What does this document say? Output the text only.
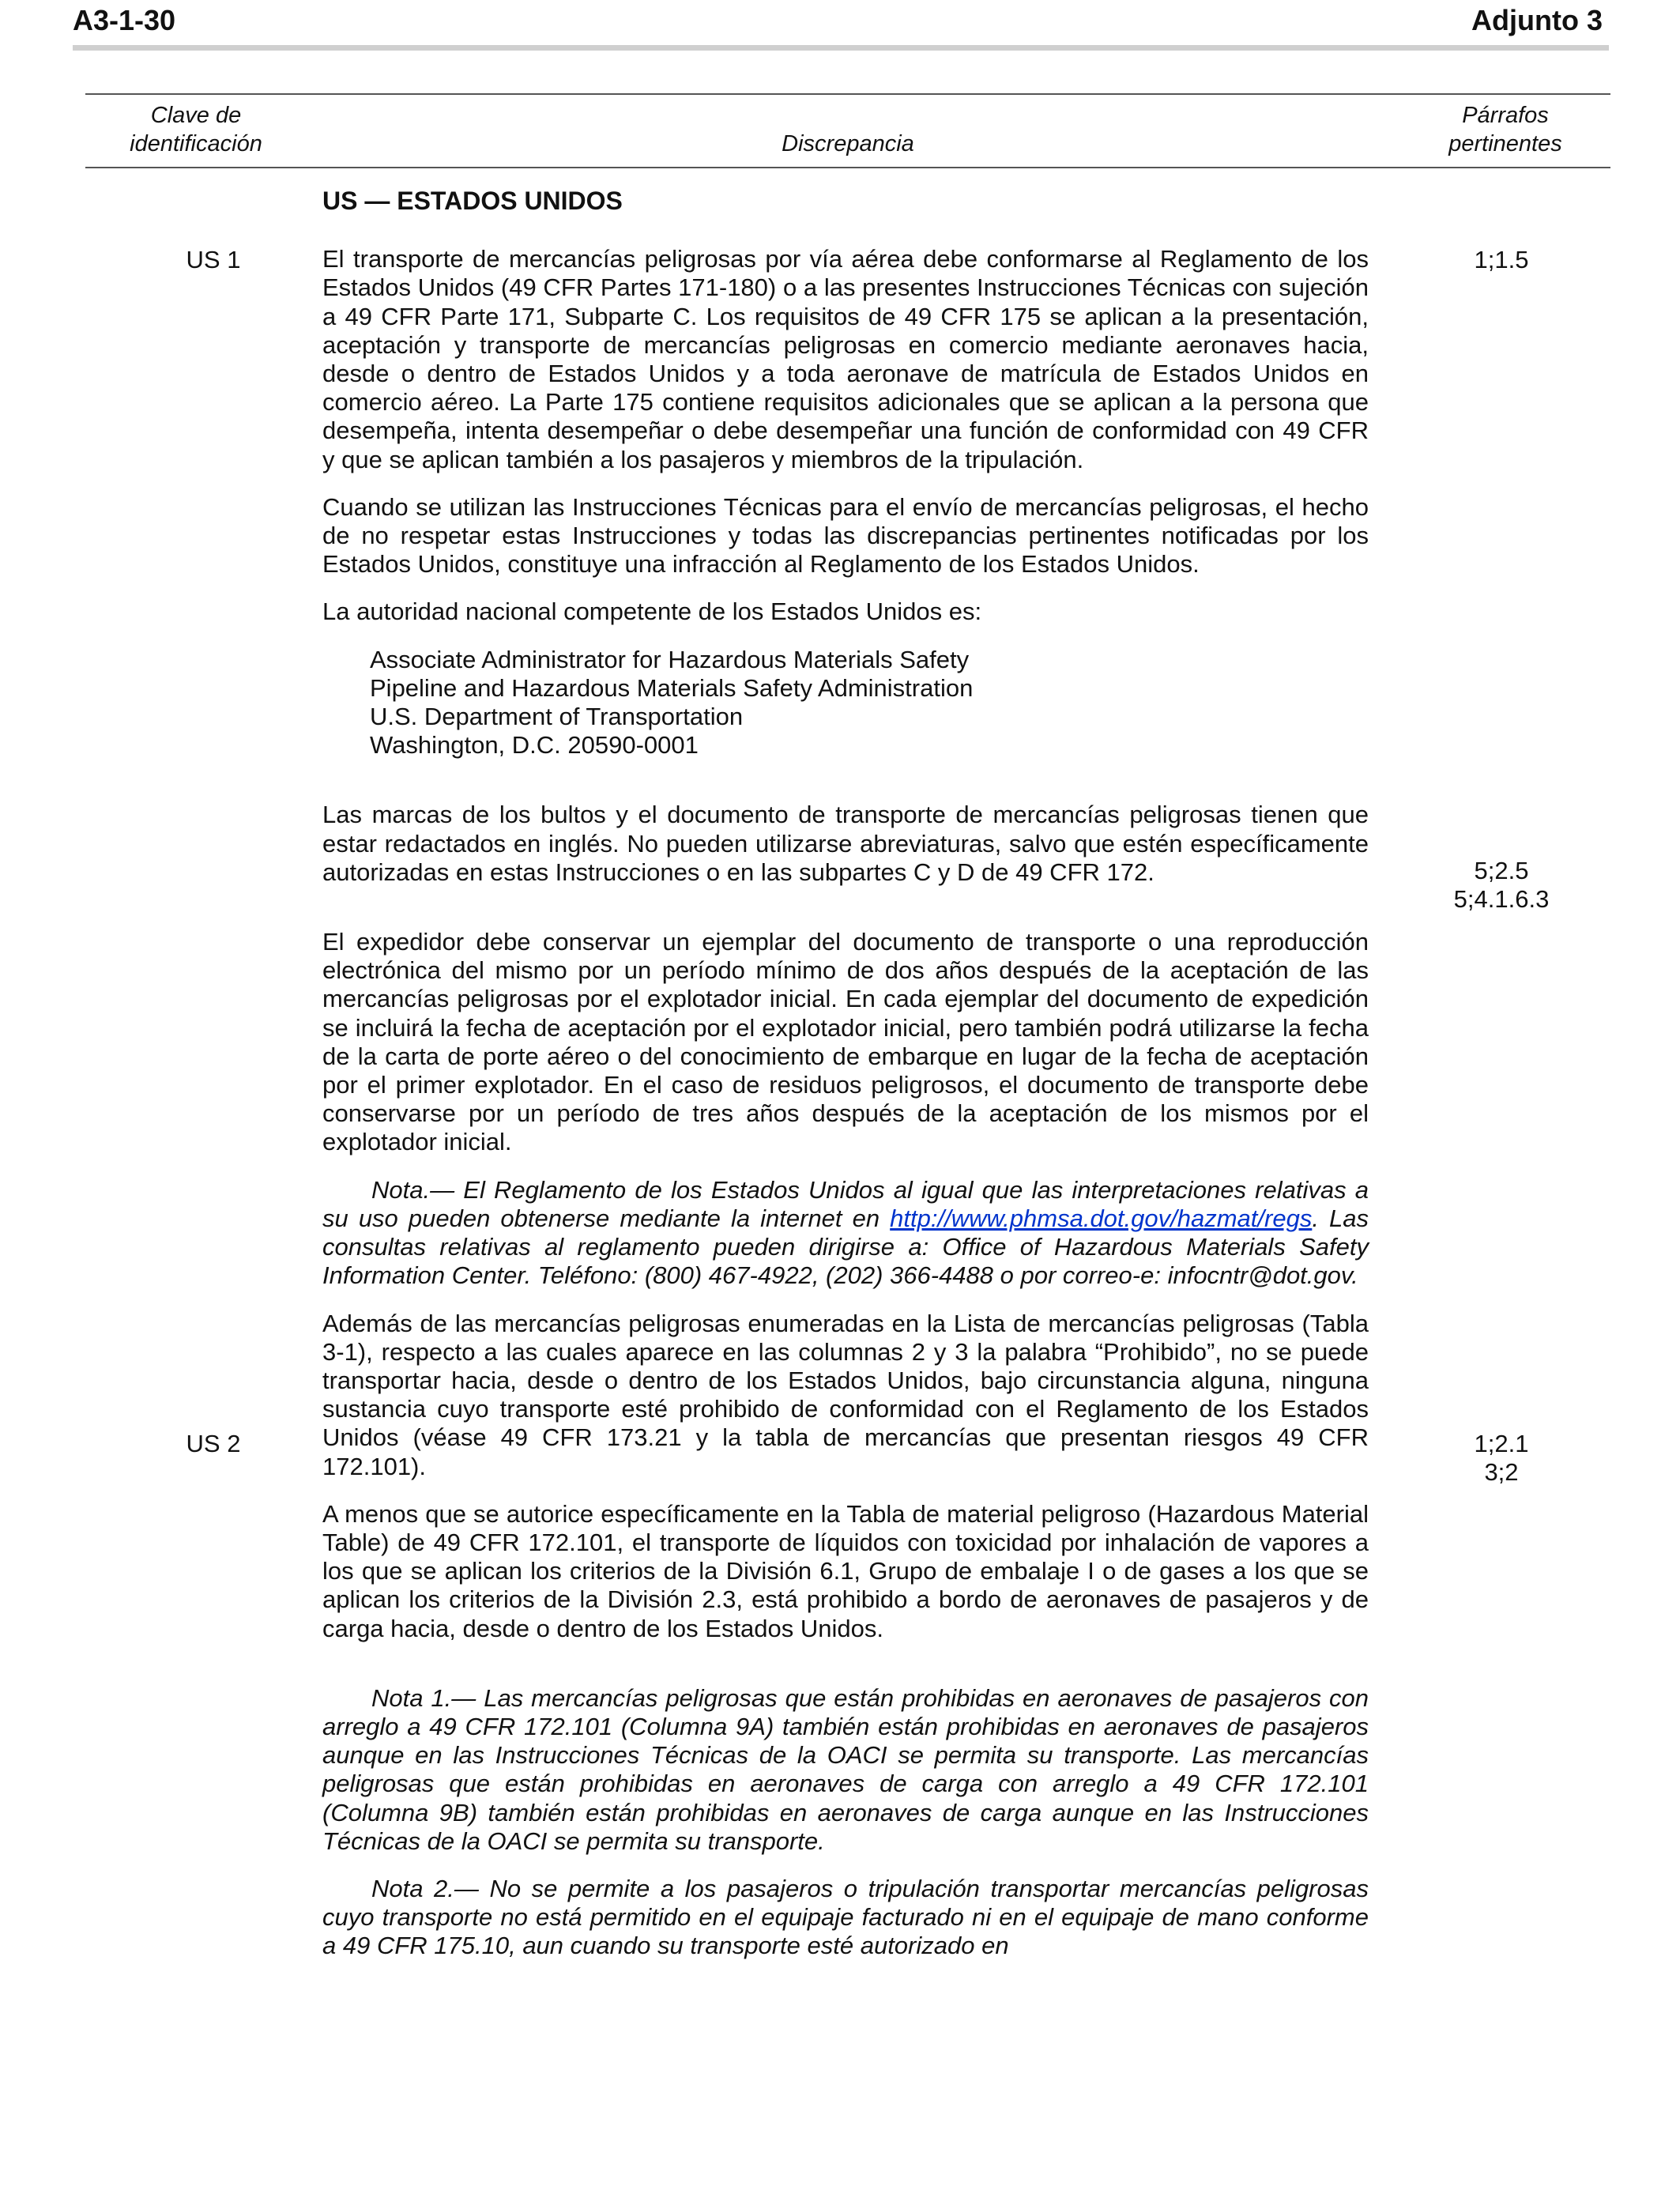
A3-1-30	Adjunto 3
Clave de
identificación	Discrepancia
Párrafos
pertinentes
US 1
US 2
1;1.5
5;2.5
5;4.1.6.3
1;2.1
3;2
US — ESTADOS UNIDOS

El transporte de mercancías peligrosas por vía aérea debe conformarse al Reglamento de los Estados Unidos (49 CFR Partes 171-180) o a las presentes Instrucciones Técnicas con sujeción a 49 CFR Parte 171, Subparte C. Los requisitos de 49 CFR 175 se aplican a la presentación, aceptación y transporte de mercancías peligrosas en comercio mediante aeronaves hacia, desde o dentro de Estados Unidos y a toda aeronave de matrícula de Estados Unidos en comercio aéreo. La Parte 175 contiene requisitos adicionales que se aplican a la persona que desempeña, intenta desempeñar o debe desempeñar una función de conformidad con 49 CFR y que se aplican también a los pasajeros y miembros de la tripulación.

Cuando se utilizan las Instrucciones Técnicas para el envío de mercancías peligrosas, el hecho de no respetar estas Instrucciones y todas las discrepancias pertinentes notificadas por los Estados Unidos, constituye una infracción al Reglamento de los Estados Unidos.

La autoridad nacional competente de los Estados Unidos es:

Associate Administrator for Hazardous Materials Safety
Pipeline and Hazardous Materials Safety Administration
U.S. Department of Transportation
Washington, D.C. 20590-0001

Las marcas de los bultos y el documento de transporte de mercancías peligrosas tienen que estar redactados en inglés. No pueden utilizarse abreviaturas, salvo que estén específicamente autorizadas en estas Instrucciones o en las subpartes C y D de 49 CFR 172.

El expedidor debe conservar un ejemplar del documento de transporte o una reproducción electrónica del mismo por un período mínimo de dos años después de la aceptación de las mercancías peligrosas por el explotador inicial. En cada ejemplar del documento de expedición se incluirá la fecha de aceptación por el explotador inicial, pero también podrá utilizarse la fecha de la carta de porte aéreo o del conocimiento de embarque en lugar de la fecha de aceptación por el primer explotador. En el caso de residuos peligrosos, el documento de transporte debe conservarse por un período de tres años después de la aceptación de los mismos por el explotador inicial.

Nota.— El Reglamento de los Estados Unidos al igual que las interpretaciones relativas a su uso pueden obtenerse mediante la internet en http://www.phmsa.dot.gov/hazmat/regs. Las consultas relativas al reglamento pueden dirigirse a: Office of Hazardous Materials Safety Information Center. Teléfono: (800) 467-4922, (202) 366-4488 o por correo-e: infocntr@dot.gov.

Además de las mercancías peligrosas enumeradas en la Lista de mercancías peligrosas (Tabla 3-1), respecto a las cuales aparece en las columnas 2 y 3 la palabra “Prohibido”, no se puede transportar hacia, desde o dentro de los Estados Unidos, bajo circunstancia alguna, ninguna sustancia cuyo transporte esté prohibido de conformidad con el Reglamento de los Estados Unidos (véase 49 CFR 173.21 y la tabla de mercancías que presentan riesgos 49 CFR 172.101).

A menos que se autorice específicamente en la Tabla de material peligroso (Hazardous Material Table) de 49 CFR 172.101, el transporte de líquidos con toxicidad por inhalación de vapores a los que se aplican los criterios de la División 6.1, Grupo de embalaje I o de gases a los que se aplican los criterios de la División 2.3, está prohibido a bordo de aeronaves de pasajeros y de carga hacia, desde o dentro de los Estados Unidos.

Nota 1.— Las mercancías peligrosas que están prohibidas en aeronaves de pasajeros con arreglo a 49 CFR 172.101 (Columna 9A) también están prohibidas en aeronaves de pasajeros aunque en las Instrucciones Técnicas de la OACI se permita su transporte. Las mercancías peligrosas que están prohibidas en aeronaves de carga con arreglo a 49 CFR 172.101 (Columna 9B) también están prohibidas en aeronaves de carga aunque en las Instrucciones Técnicas de la OACI se permita su transporte.

Nota 2.— No se permite a los pasajeros o tripulación transportar mercancías peligrosas cuyo transporte no está permitido en el equipaje facturado ni en el equipaje de mano conforme a 49 CFR 175.10, aun cuando su transporte esté autorizado en
